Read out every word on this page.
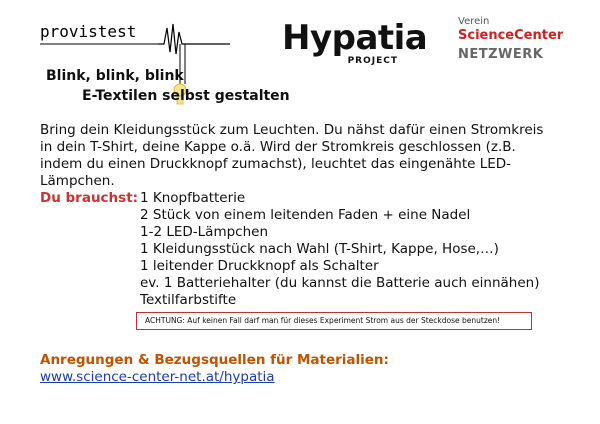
provistest	Hypatia
PROJECT
Verein
ScienceCenter
NETZWERK
Blink, blink, blink
E-Textilen selbst gestalten
Bring dein Kleidungsstück zum Leuchten. Du nähst dafür einen Stromkreis in dein T-Shirt, deine Kappe o.ä. Wird der Stromkreis geschlossen (z.B. indem du einen Druckknopf zumachst), leuchtet das eingenähte LED-Lämpchen.
Du brauchst: 1 Knopfbatterie
2 Stück von einem leitenden Faden + eine Nadel
1-2 LED-Lämpchen
1 Kleidungsstück nach Wahl (T-Shirt, Kappe, Hose,…)
1 leitender Druckknopf als Schalter
ev. 1 Batteriehalter (du kannst die Batterie auch einnähen)
Textilfarbstifte
ACHTUNG: Auf keinen Fall darf man für dieses Experiment Strom aus der Steckdose benutzen!
Anregungen & Bezugsquellen für Materialien:
www.science-center-net.at/hypatia
